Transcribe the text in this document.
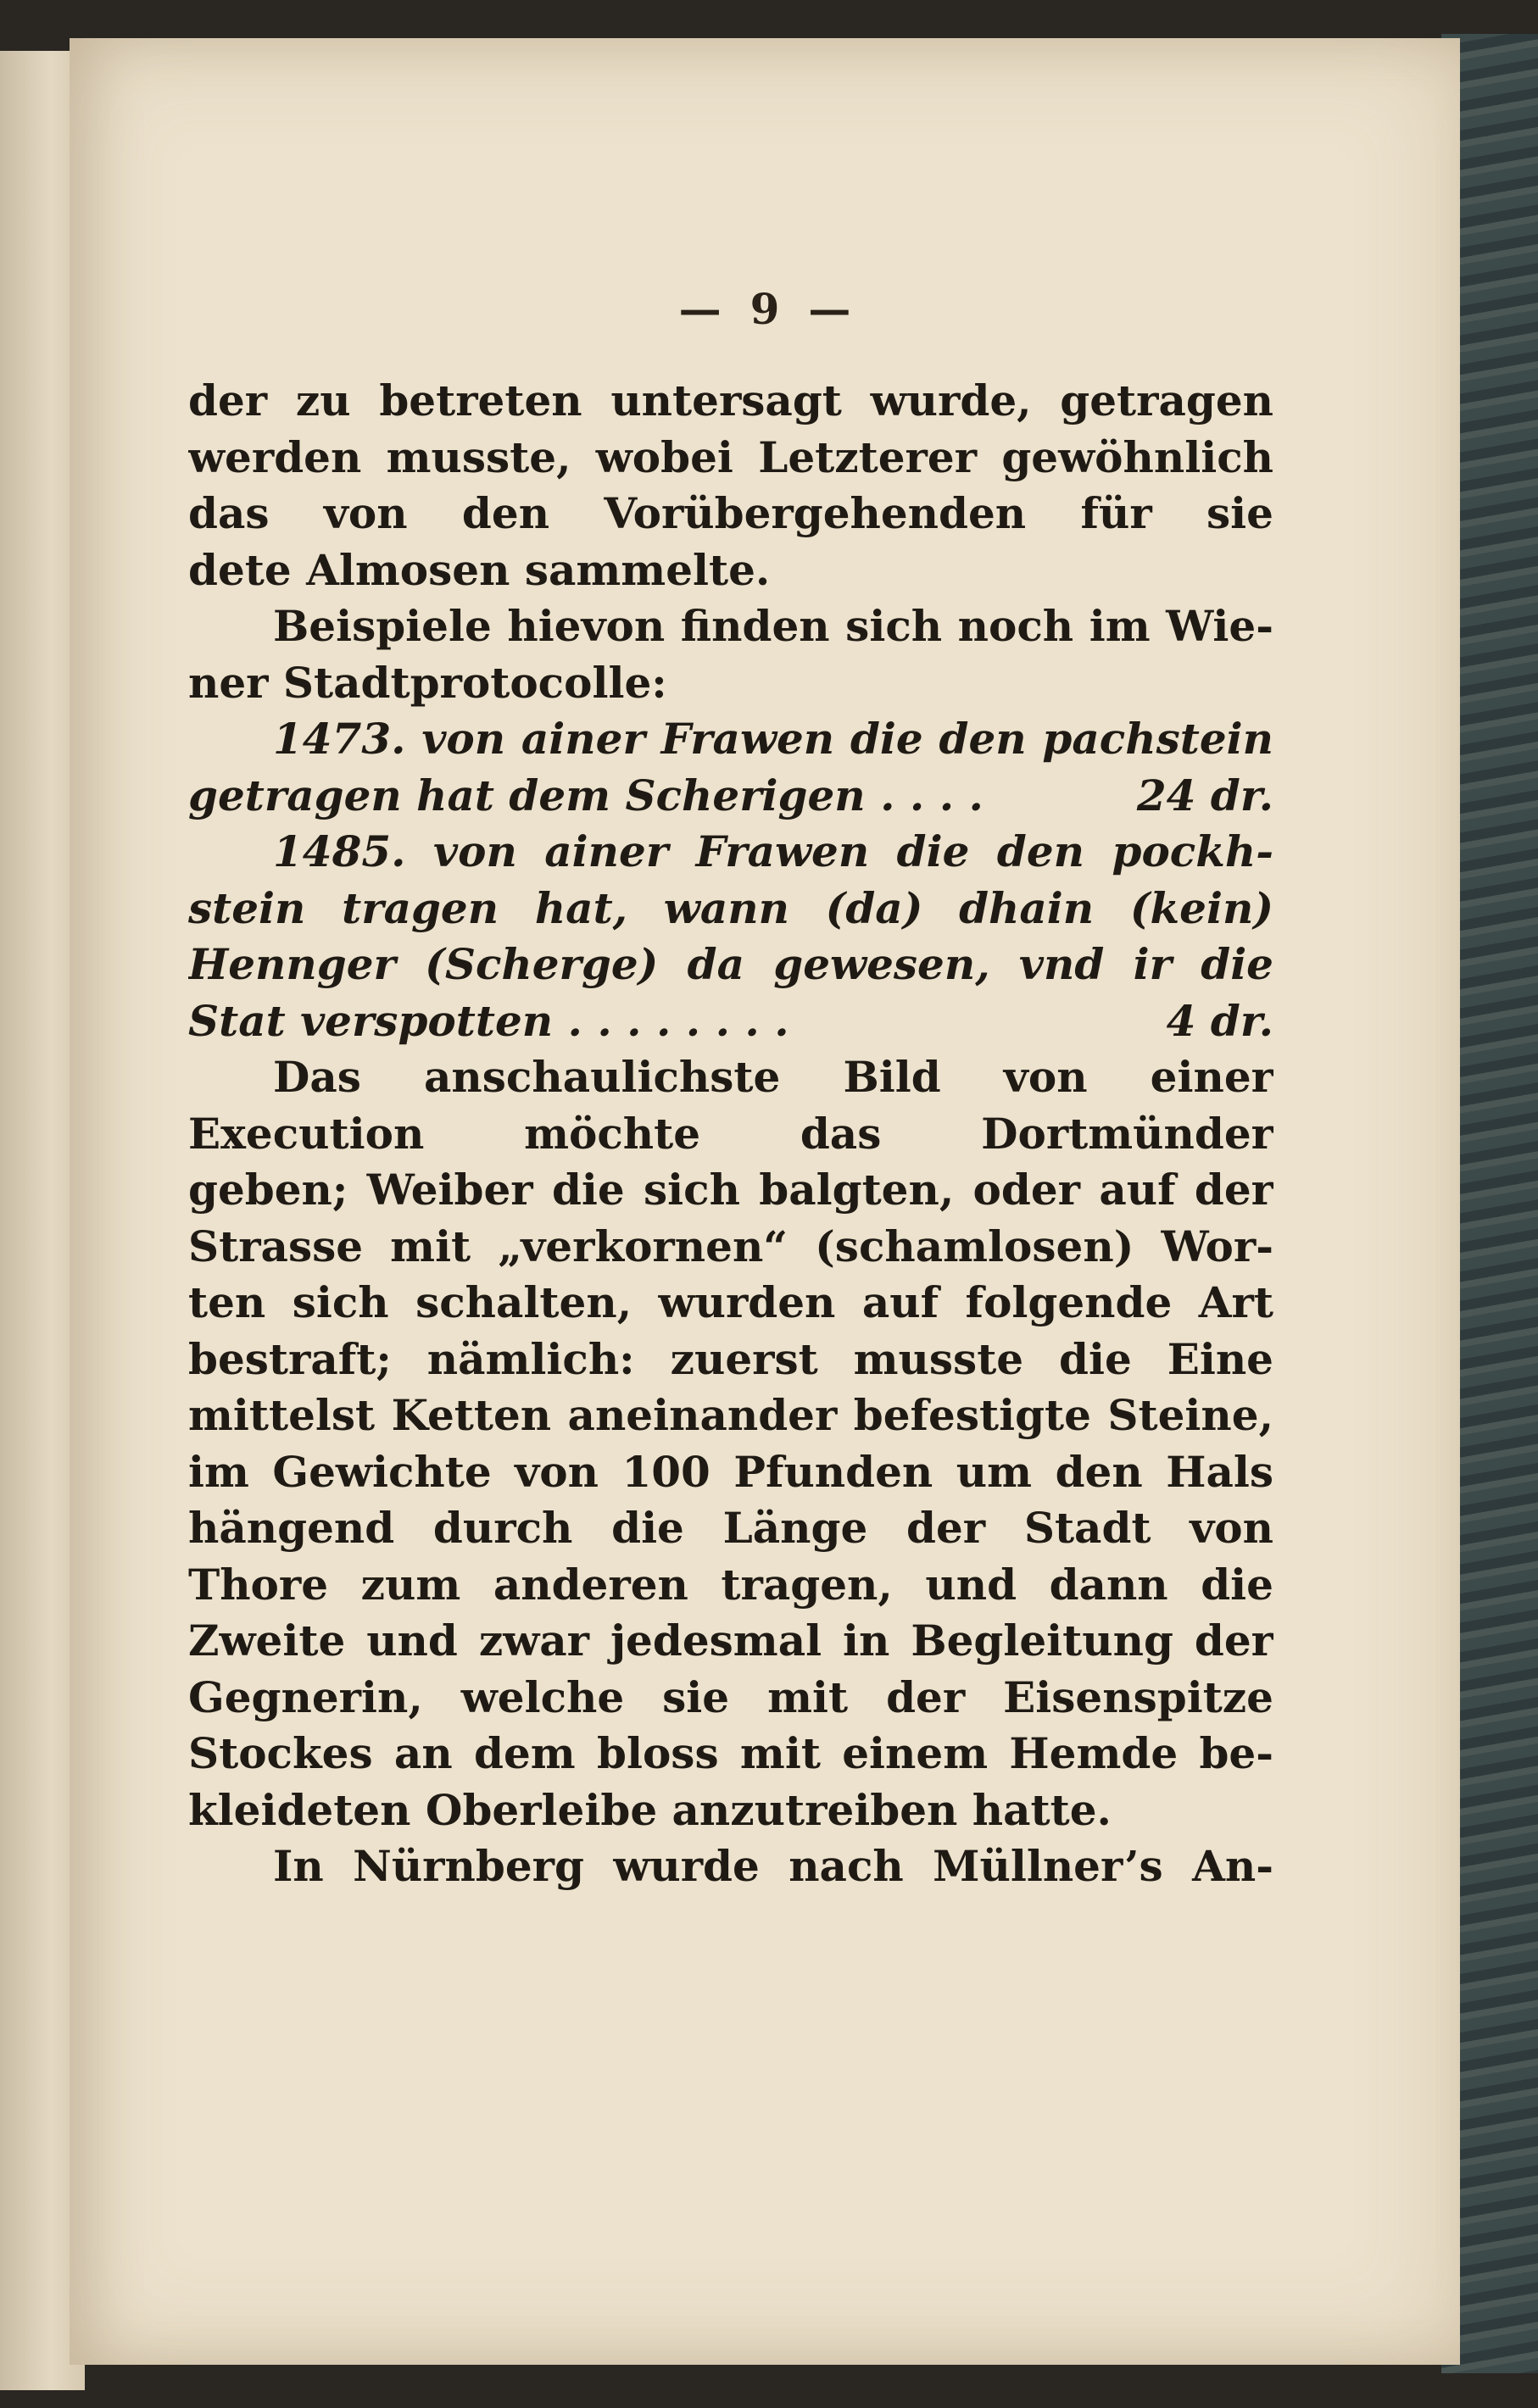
— 9 —
der zu betreten untersagt wurde, getragen
werden musste, wobei Letzterer gewöhnlich
das von den Vorübergehenden für sie
dete Almosen sammelte.
Beispiele hievon finden sich noch im Wie-
ner Stadtprotocolle:
1473. von ainer Frawen die den pachstein
24 dr.
getragen hat dem Scherigen . . . .
1485. von ainer Frawen die den pockh-
stein tragen hat, wann (da) dhain (kein)
Hennger (Scherge) da gewesen, vnd ir die
4 dr.
Stat verspotten . . . . . . . .
Das anschaulichste Bild von einer
Execution möchte das Dortmünder
geben; Weiber die sich balgten, oder auf der
Strasse mit „verkornen“ (schamlosen) Wor-
ten sich schalten, wurden auf folgende Art
bestraft; nämlich: zuerst musste die Eine
mittelst Ketten aneinander befestigte Steine,
im Gewichte von 100 Pfunden um den Hals
hängend durch die Länge der Stadt von
Thore zum anderen tragen, und dann die
Zweite und zwar jedesmal in Begleitung der
Gegnerin, welche sie mit der Eisenspitze
Stockes an dem bloss mit einem Hemde be-
kleideten Oberleibe anzutreiben hatte.
In Nürnberg wurde nach Müllner’s An-
